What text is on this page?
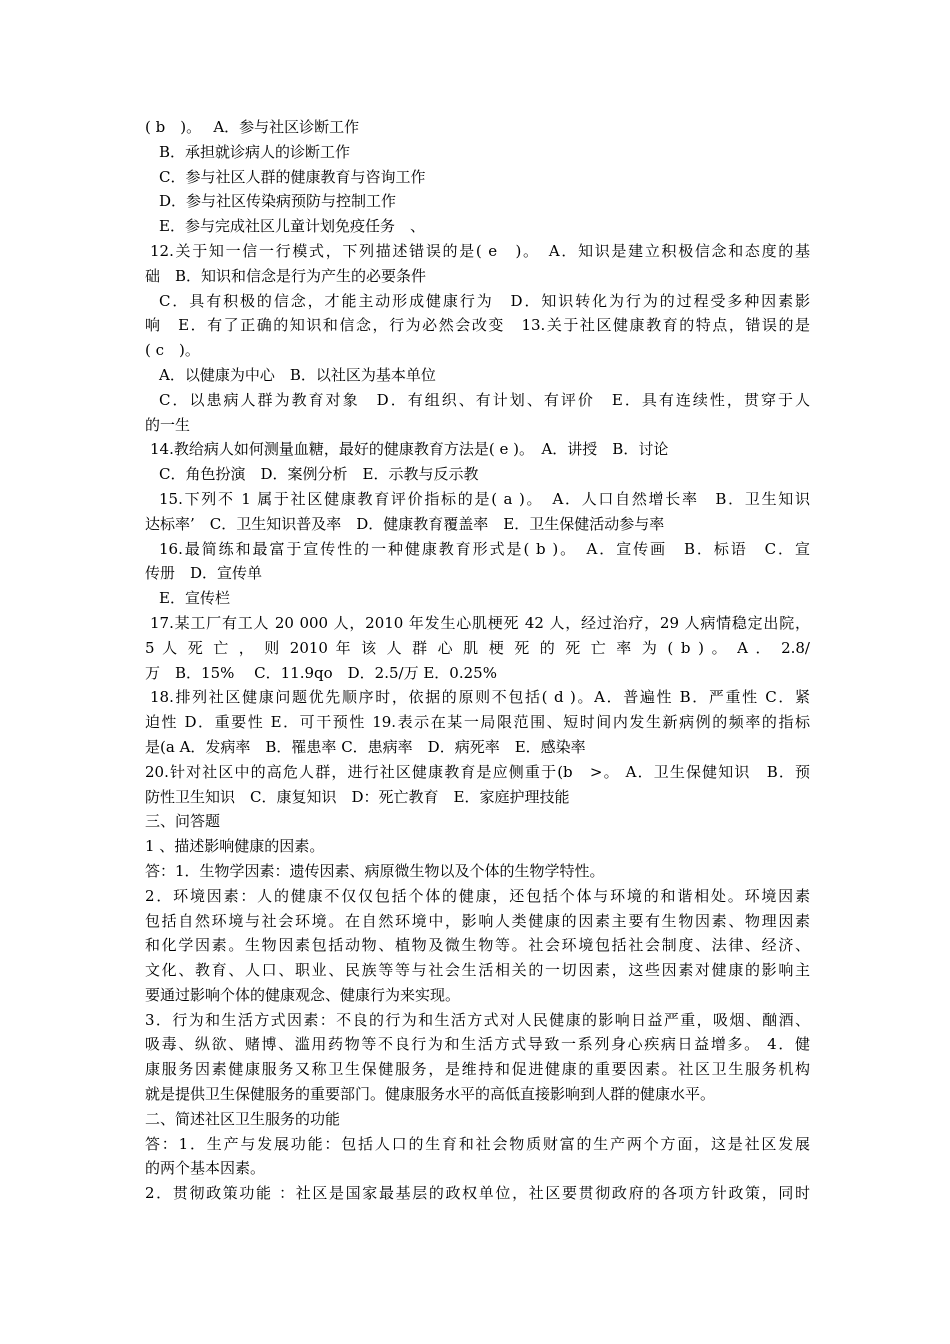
( b　)。　 A．参与社区诊断工作
B．承担就诊病人的诊断工作
C．参与社区人群的健康教育与咨询工作
D．参与社区传染病预防与控制工作
E．参与完成社区儿童计划免疫任务　、
12.关于知一信一行模式，下列描述错误的是( e　)。　A．知识是建立积极信念和态度的基
础　B．知识和信念是行为产生的必要条件
C．具有积极的信念，才能主动形成健康行为　D．知识转化为行为的过程受多种因素影
响　E．有了正确的知识和信念，行为必然会改变　13.关于社区健康教育的特点，错误的是
( c　)。
A．以健康为中心　B．以社区为基本单位
C．以患病人群为教育对象　D．有组织、有计划、有评价　E．具有连续性，贯穿于人
的一生
14.教给病人如何测量血糖，最好的健康教育方法是( e )。　A．讲授　B．讨论
C．角色扮演　D．案例分析　E．示教与反示教
15.下列不 1 属于社区健康教育评价指标的是( a )。　A．人口自然增长率　B．卫生知识
达标率’　C．卫生知识普及率　D．健康教育覆盖率　E．卫生保健活动参与率
16.最简练和最富于宣传性的一种健康教育形式是( b )。　A．宣传画　B．标语　C．宣
传册　D．宣传单
E．宣传栏
17.某工厂有工人 20 000 人，2010 年发生心肌梗死 42 人，经过治疗，29 人病情稳定出院，
5 人 死 亡 ， 则 2010 年 该 人 群 心 肌 梗 死 的 死 亡 率 为 ( b ) 。 A ． 2.8/
万　B．15%　 C．11.9qo　D．2.5/万 E．0.25%
18.排列社区健康问题优先顺序时，依据的原则不包括( d )。A．普遍性 B．严重性 C．紧
迫性 D．重要性 E．可干预性 19.表示在某一局限范围、短时间内发生新病例的频率的指标
是(a A．发病率　B．罹患率 C．患病率　D．病死率　E．感染率
20.针对社区中的高危人群，进行社区健康教育是应侧重于(b　>。 A．卫生保健知识　B．预
防性卫生知识　C．康复知识　D：死亡教育　E．家庭护理技能
三、问答题
1 、描述影响健康的因素。
答：1．生物学因素：遗传因素、病原微生物以及个体的生物学特性。
2．环境因素：人的健康不仅仅包括个体的健康，还包括个体与环境的和谐相处。环境因素
包括自然环境与社会环境。在自然环境中，影响人类健康的因素主要有生物因素、物理因素
和化学因素。生物因素包括动物、植物及微生物等。社会环境包括社会制度、法律、经济、
文化、教育、人口、职业、民族等等与社会生活相关的一切因素，这些因素对健康的影响主
要通过影响个体的健康观念、健康行为来实现。
3．行为和生活方式因素：不良的行为和生活方式对人民健康的影响日益严重，吸烟、酗酒、
吸毒、纵欲、赌博、滥用药物等不良行为和生活方式导致一系列身心疾病日益增多。 4．健
康服务因素健康服务又称卫生保健服务，是维持和促进健康的重要因素。社区卫生服务机构
就是提供卫生保健服务的重要部门。健康服务水平的高低直接影响到人群的健康水平。
二、简述社区卫生服务的功能
答：1．生产与发展功能：包括人口的生育和社会物质财富的生产两个方面，这是社区发展
的两个基本因素。
2．贯彻政策功能 ：社区是国家最基层的政权单位，社区要贯彻政府的各项方针政策，同时
